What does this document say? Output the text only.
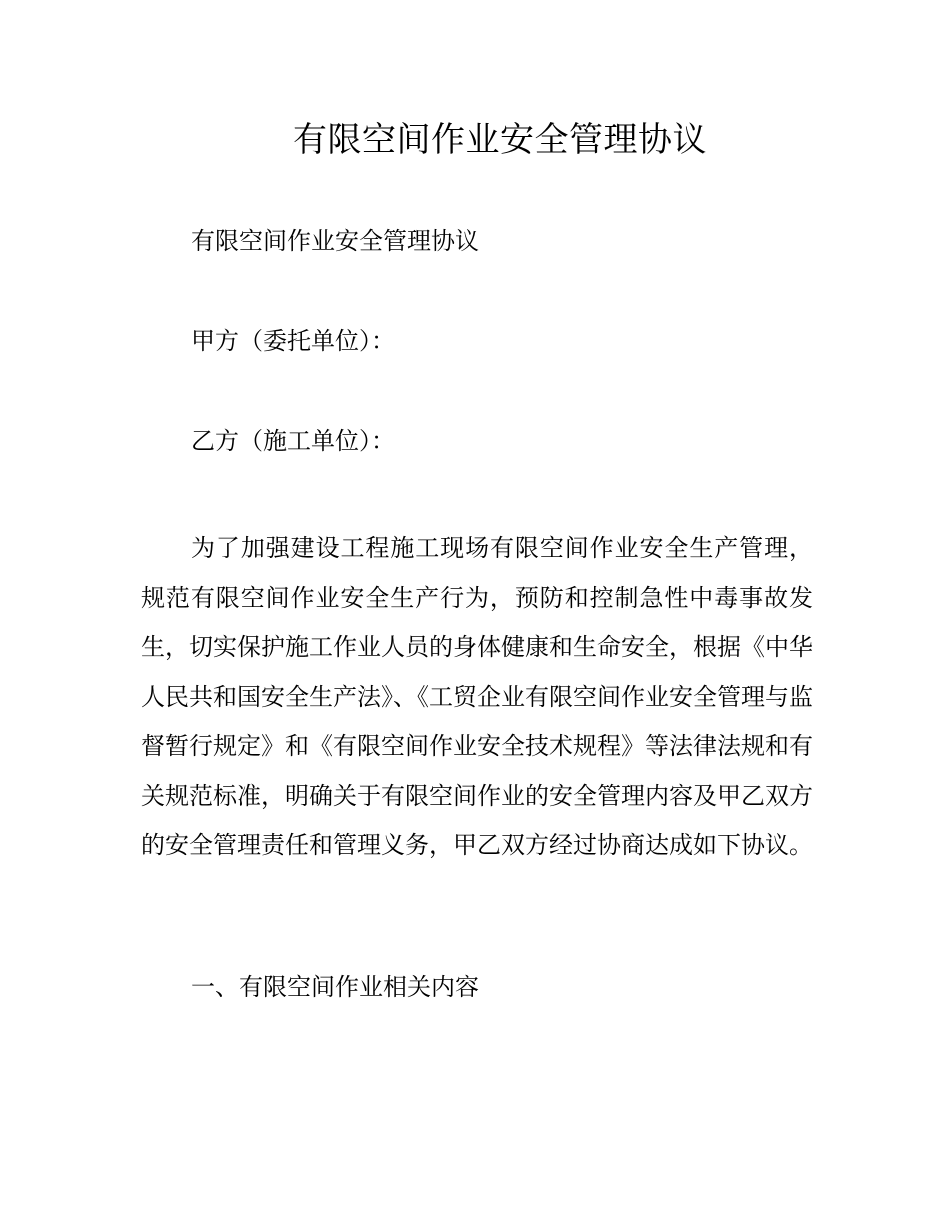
有限空间作业安全管理协议

有限空间作业安全管理协议

甲方（委托单位）：

乙方（施工单位）：

为了加强建设工程施工现场有限空间作业安全生产管理，规范有限空间作业安全生产行为，预防和控制急性中毒事故发生，切实保护施工作业人员的身体健康和生命安全，根据《中华人民共和国安全生产法》、《工贸企业有限空间作业安全管理与监督暂行规定》和《有限空间作业安全技术规程》等法律法规和有关规范标准，明确关于有限空间作业的安全管理内容及甲乙双方的安全管理责任和管理义务，甲乙双方经过协商达成如下协议。

一、有限空间作业相关内容
